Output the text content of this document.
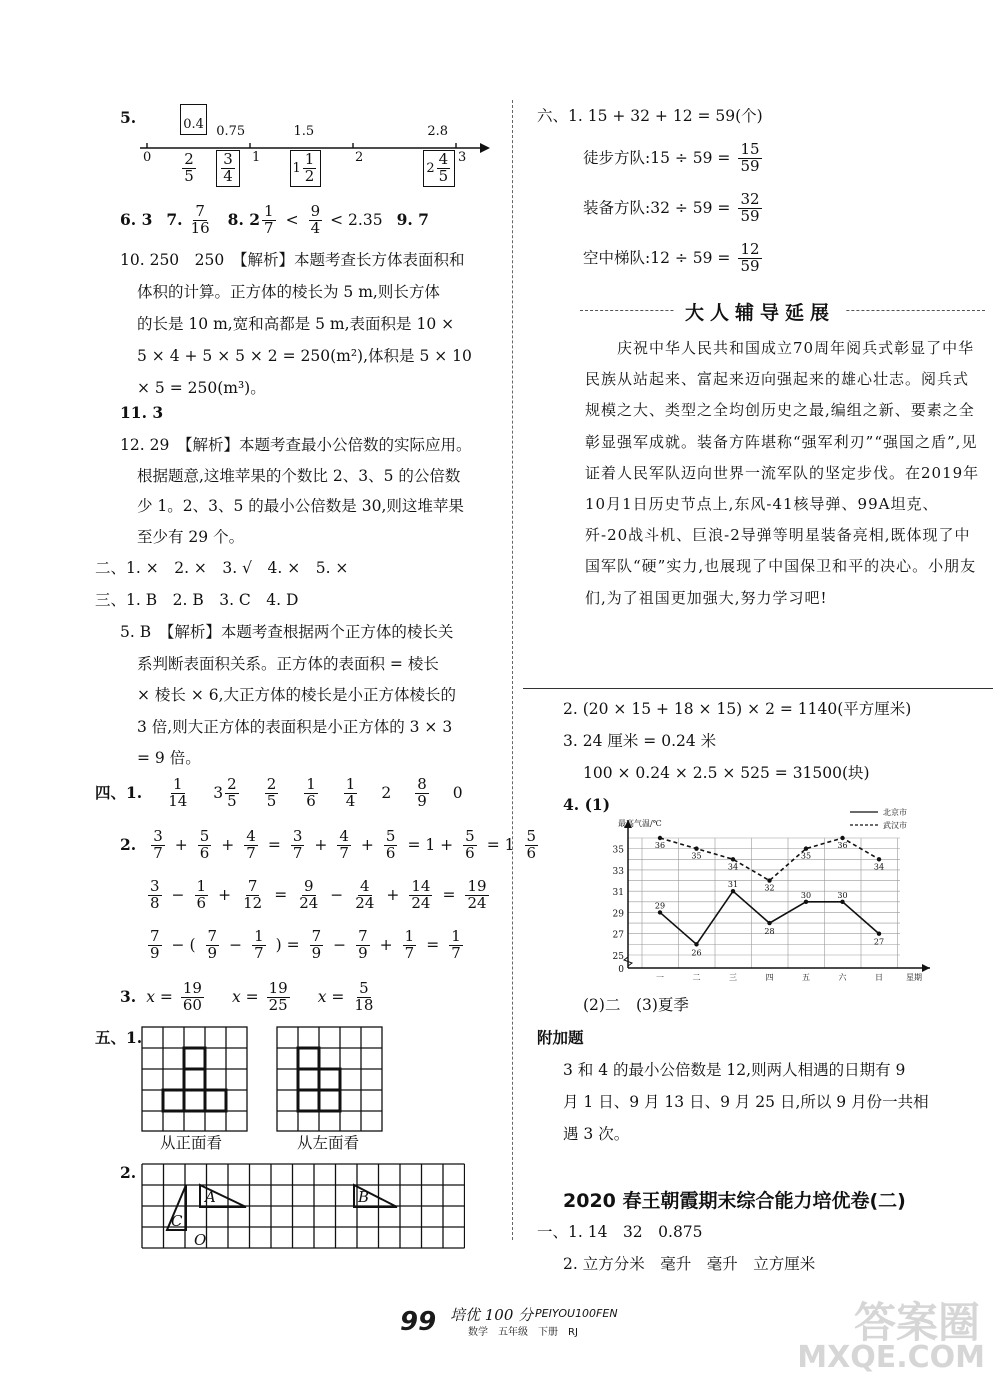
5.
0	1	2	3
0.4 0.75	1.5	2.8
$\frac{2}{5} \frac{3}{4}$	$1 \frac{1}{2}$	$2 \frac{4}{5}$
6. 3 7. $\frac{7}{16} 8$. $2 \frac{1}{7} < \frac{9}{4} < 2.35$ 9. 7
10. 250　250　【解析】本题考查长方体表面积和
体积的计算。正方体的棱长为 5 m,则长方体
的长是 10 m,宽和高都是 5 m,表面积是 10 ×
5 × 4 + 5 × 5 × 2 = 250(m²),体积是 5 × 10
× 5 = 250(m³)。
11. 3
12. 29　【解析】本题考查最小公倍数的实际应用。
根据题意,这堆苹果的个数比 2、3、5 的公倍数
少 1。2、3、5 的最小公倍数是 30,则这堆苹果
至少有 29 个。
二、1. ×　2. ×　3. √　4. ×　5. ×
三、1. B　2. B　3. C　4. D
5. B　【解析】本题考查根据两个正方体的棱长关
系判断表面积关系。正方体的表面积 = 棱长
× 棱长 × 6,大正方体的棱长是小正方体棱长的
3 倍,则大正方体的表面积是小正方体的 3 × 3
= 9 倍。
四、1. $\frac{1}{14} 3 \frac{2}{5} \frac{2}{5} \frac{1}{6} \frac{1}{4} 2 \frac{8}{9} 0$
2. $\frac{3}{7} + \frac{5}{6} + \frac{4}{7} = \frac{3}{7} + \frac{4}{7} + \frac{5}{6} = 1 + \frac{5}{6} = 1 \frac{5}{6}$
$\frac{3}{8} - \frac{1}{6} + \frac{7}{12} = \frac{9}{24} - \frac{4}{24} + \frac{14}{24} = \frac{19}{24}$
$\frac{7}{9}$ − ( $\frac{7}{9} - \frac{1}{7}$ ) = $\frac{7}{9} - \frac{7}{9} + \frac{1}{7} = \frac{1}{7}$
3. $x = \frac{19}{60}$ $x = \frac{19}{25}$ $x = \frac{5}{18}$
五、1.
从正面看	从左面看
2.
C
A	B
O
六、1. 15 + 32 + 12 = 59(个)
徒步方队:15 ÷ $59 = \frac{15}{59}$
装备方队:32 ÷ $59 = \frac{32}{59}$
空中梯队:12 ÷ $59 = \frac{12}{59}$
大人辅导延展
　　庆祝中华人民共和国成立70周年阅兵式彰显了中华民族从站起来、富起来迈向强起来的雄心壮志。阅兵式规模之大、类型之全均创历史之最,编组之新、要素之全彰显强军成就。装备方阵堪称“强军利刃”“强国之盾”,见证着人民军队迈向世界一流军队的坚定步伐。在2019年10月1日历史节点上,东风-41核导弹、99A坦克、歼-20战斗机、巨浪-2导弹等明星装备亮相,既体现了中国军队“硬”实力,也展现了中国保卫和平的决心。小朋友们,为了祖国更加强大,努力学习吧!
2. (20 × 15 + 18 × 15) × 2 = 1140(平方厘米)
3. 24 厘米 = 0.24 米
100 × 0.24 × 2.5 × 525 = 31500(块)
4. (1)
0
25
27
29
31
33
35
最高气温/℃
一	二	三	四	五	六	日	星期
北京市
武汉市
29
26
31
28
30	30
27
36
35
34
32
35
36
34
(2)二　(3)夏季
附加题
3 和 4 的最小公倍数是 12,则两人相遇的日期有 9
月 1 日、9 月 13 日、9 月 25 日,所以 9 月份一共相
遇 3 次。
2020 春王朝霞期末综合能力培优卷(二)
一、1. 14　32　0.875
2. 立方分米　毫升　毫升　立方厘米
99 培优 100 分 PEIYOU100FEN
数学　五年级　下册　RJ	答案圈
MXQE.COM
